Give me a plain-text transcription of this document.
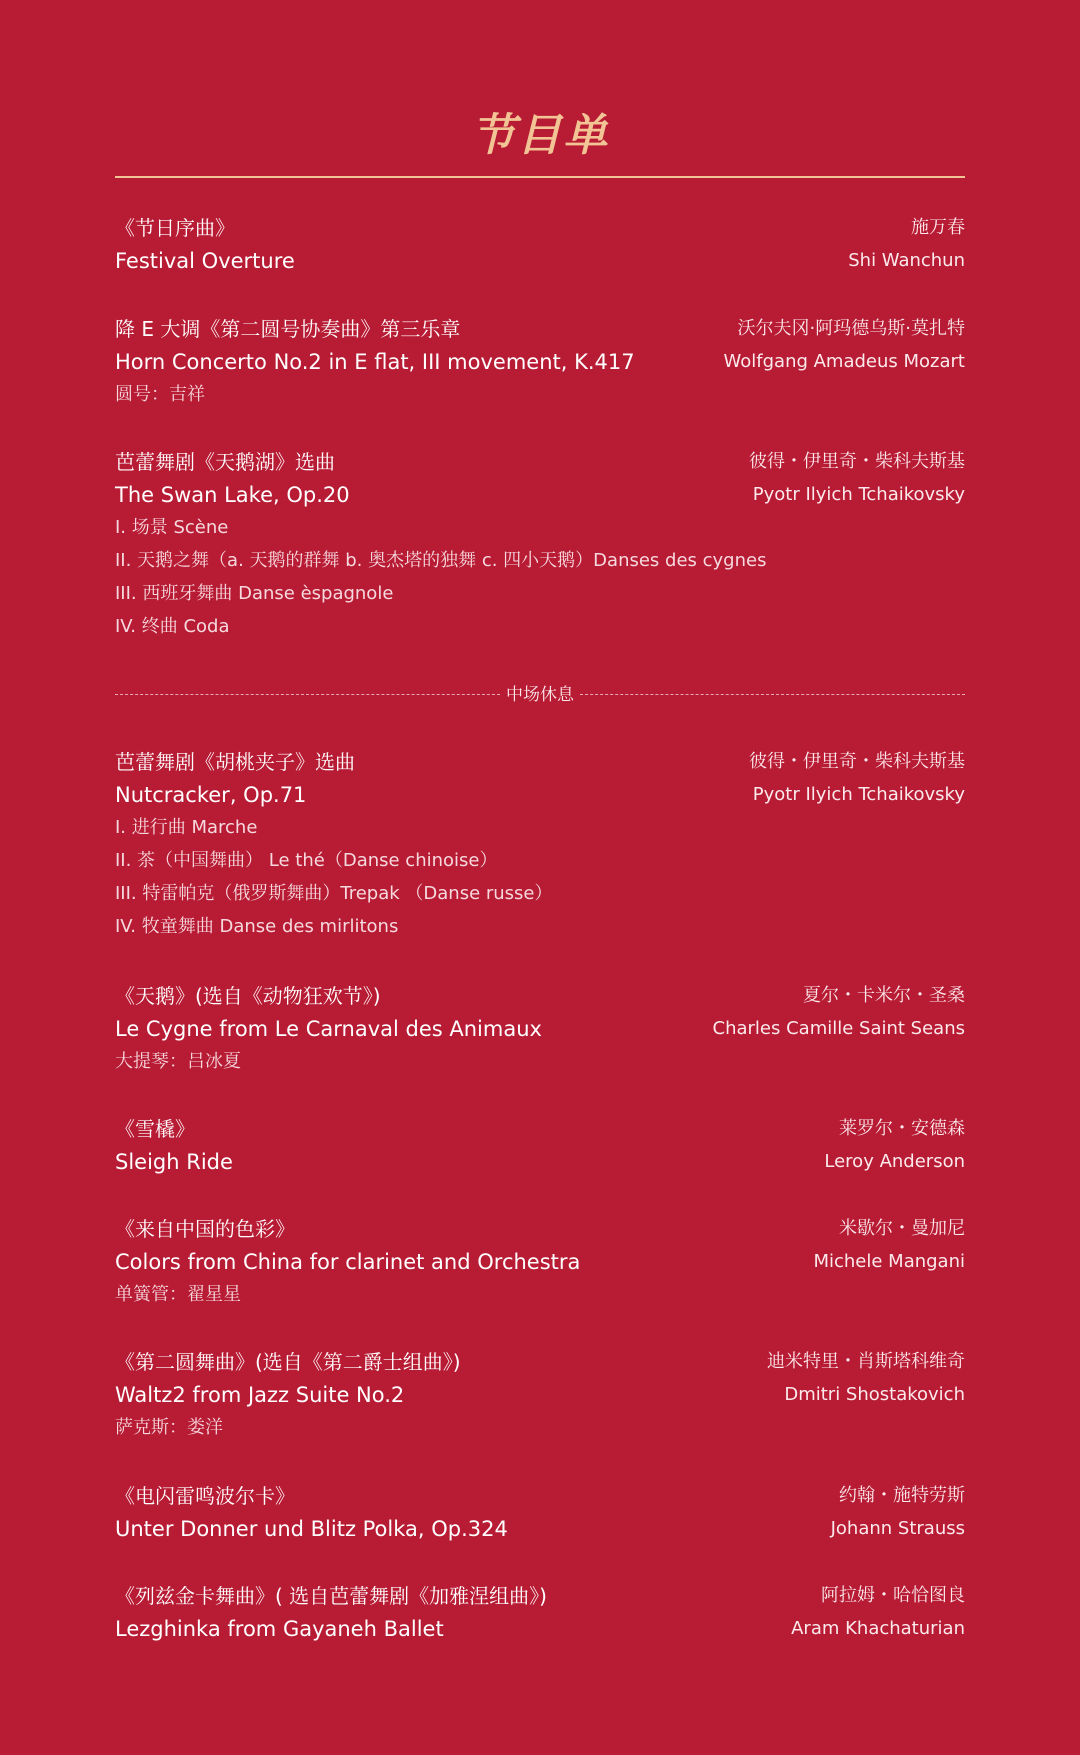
节目单
《节日序曲》	施万春
Festival Overture	Shi Wanchun
降 E 大调《第二圆号协奏曲》第三乐章	沃尔夫冈·阿玛德乌斯·莫扎特
Horn Concerto No.2 in E flat, III movement, K.417	Wolfgang Amadeus Mozart
圆号：吉祥
芭蕾舞剧《天鹅湖》选曲	彼得・伊里奇・柴科夫斯基
The Swan Lake, Op.20	Pyotr Ilyich Tchaikovsky
I. 场景 Scène
II. 天鹅之舞（a. 天鹅的群舞 b. 奥杰塔的独舞 c. 四小天鹅）Danses des cygnes
III. 西班牙舞曲 Danse èspagnole
IV. 终曲 Coda
中场休息
芭蕾舞剧《胡桃夹子》选曲	彼得・伊里奇・柴科夫斯基
Nutcracker, Op.71	Pyotr Ilyich Tchaikovsky
I. 进行曲 Marche
II. 茶（中国舞曲） Le thé（Danse chinoise）
III. 特雷帕克（俄罗斯舞曲）Trepak （Danse russe）
IV. 牧童舞曲 Danse des mirlitons
《天鹅》(选自《动物狂欢节》)	夏尔・卡米尔・圣桑
Le Cygne from Le Carnaval des Animaux	Charles Camille Saint Seans
大提琴：吕冰夏
《雪橇》	莱罗尔・安德森
Sleigh Ride	Leroy Anderson
《来自中国的色彩》	米歇尔・曼加尼
Colors from China for clarinet and Orchestra	Michele Mangani
单簧管：翟星星
《第二圆舞曲》(选自《第二爵士组曲》)	迪米特里・肖斯塔科维奇
Waltz2 from Jazz Suite No.2	Dmitri Shostakovich
萨克斯：娄洋
《电闪雷鸣波尔卡》	约翰・施特劳斯
Unter Donner und Blitz Polka, Op.324	Johann Strauss
《列兹金卡舞曲》( 选自芭蕾舞剧《加雅涅组曲》)	阿拉姆・哈恰图良
Lezghinka from Gayaneh Ballet	Aram Khachaturian
